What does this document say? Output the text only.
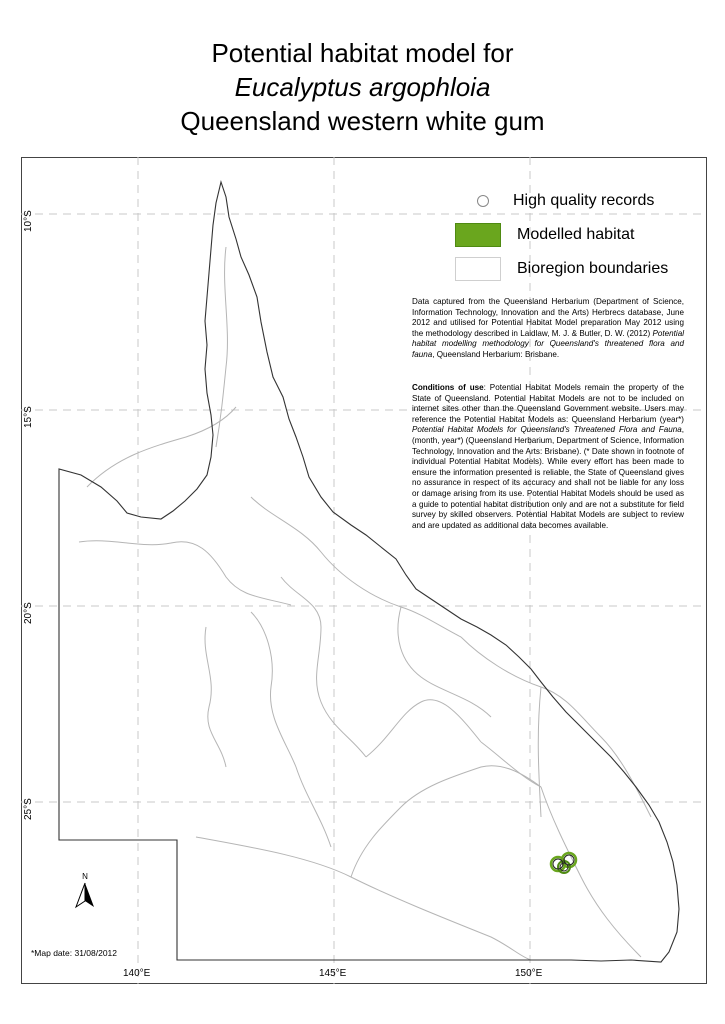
Potential habitat model for
Eucalyptus argophloia
Queensland western white gum
10°S
15°S
20°S
25°S
140°E	145°E	150°E
High quality records
Modelled habitat
Bioregion boundaries
Data captured from the Queensland Herbarium (Department of Science, Information Technology, Innovation and the Arts) Herbrecs database, June 2012 and utilised for Potential Habitat Model preparation May 2012 using the methodology described in Laidlaw, M. J. & Butler, D. W. (2012) Potential habitat modelling methodology for Queensland's threatened flora and fauna, Queensland Herbarium: Brisbane.
Conditions of use: Potential Habitat Models remain the property of the State of Queensland. Potential Habitat Models are not to be included on internet sites other than the Queensland Government website. Users may reference the Potential Habitat Models as: Queensland Herbarium (year*) Potential Habitat Models for Queensland's Threatened Flora and Fauna, (month, year*) (Queensland Herbarium, Department of Science, Information Technology, Innovation and the Arts: Brisbane). (* Date shown in footnote of individual Potential Habitat Models). While every effort has been made to ensure the information presented is reliable, the State of Queensland gives no assurance in respect of its accuracy and shall not be liable for any loss or damage arising from its use. Potential Habitat Models should be used as a guide to potential habitat distribution only and are not a substitute for field survey by skilled observers. Potential Habitat Models are subject to review and are updated as additional data becomes available.
N
*Map date: 31/08/2012
